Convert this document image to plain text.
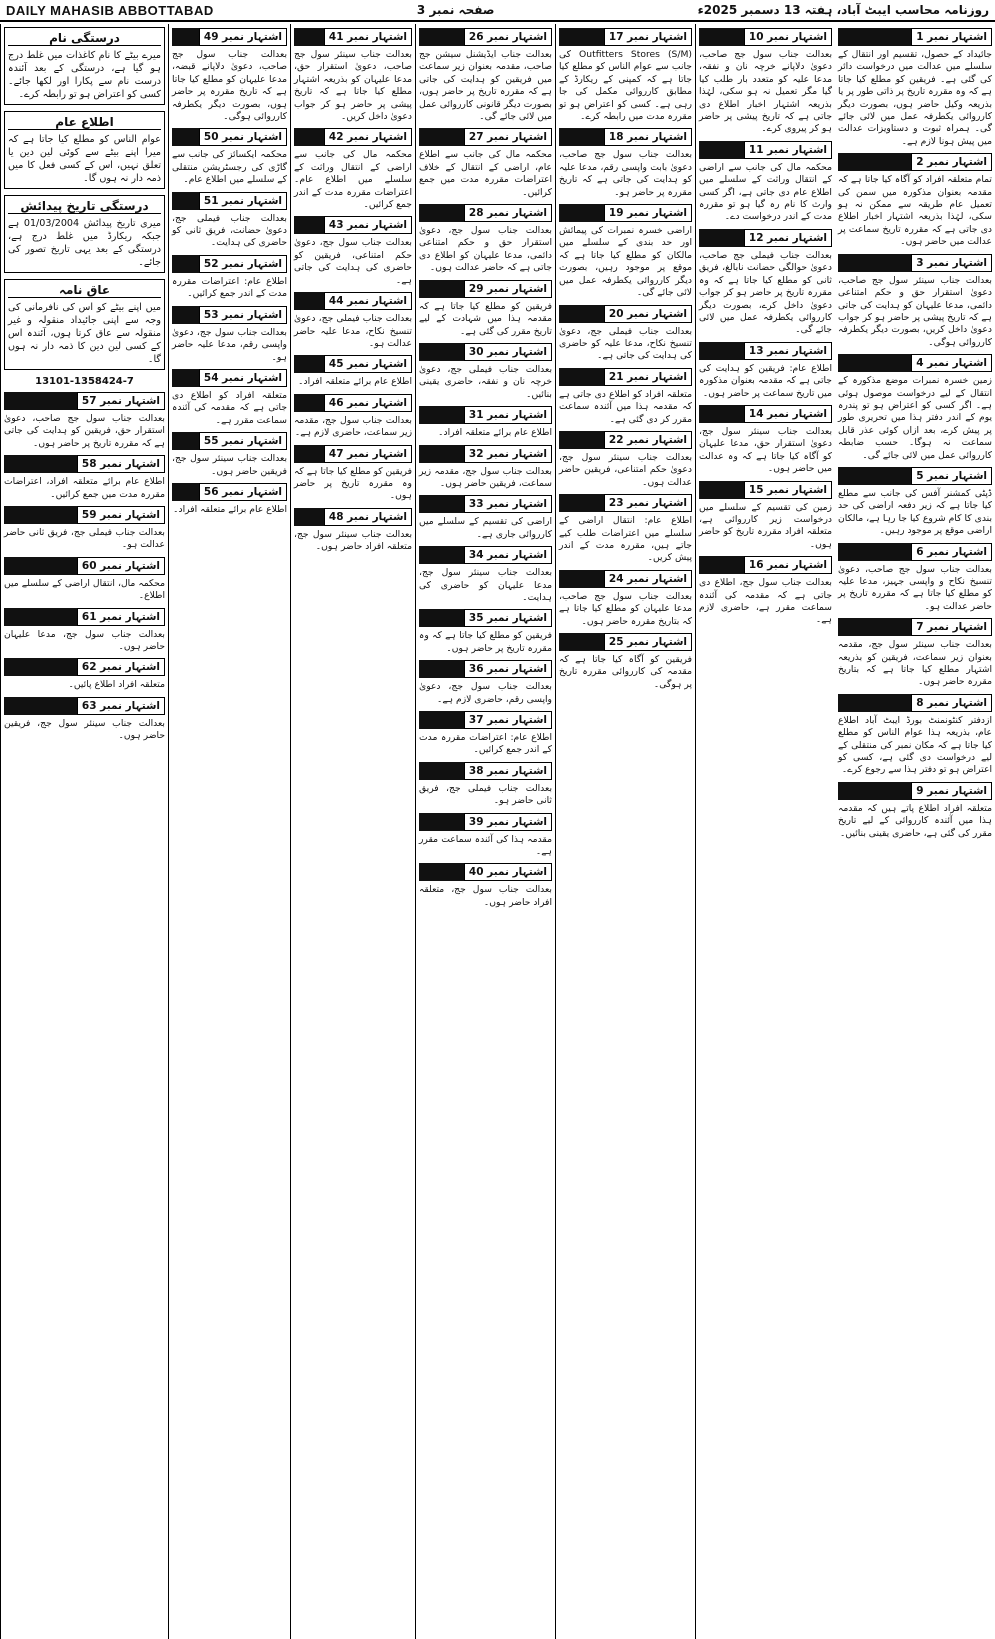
DAILY MAHASIB ABBOTTABAD	صفحہ نمبر 3	روزنامہ محاسب ایبٹ آباد، ہفتہ 13 دسمبر 2025ء
اشتہار نمبر 1

جائیداد کے حصول، تقسیم اور انتقال کے سلسلے میں عدالت میں درخواست دائر کی گئی ہے۔ فریقین کو مطلع کیا جاتا ہے کہ وہ مقررہ تاریخ پر ذاتی طور پر یا بذریعہ وکیل حاضر ہوں، بصورت دیگر کارروائی یکطرفہ عمل میں لائی جائے گی۔ ہمراہ ثبوت و دستاویزات عدالت میں پیش ہونا لازم ہے۔

اشتہار نمبر 2

تمام متعلقہ افراد کو آگاہ کیا جاتا ہے کہ مقدمہ بعنوان مذکورہ میں سمن کی تعمیل عام طریقہ سے ممکن نہ ہو سکی، لہٰذا بذریعہ اشتہار اخبار اطلاع دی جاتی ہے کہ مقررہ تاریخ سماعت پر عدالت میں حاضر ہوں۔

اشتہار نمبر 3

بعدالت جناب سینئر سول جج صاحب، دعویٰ استقرار حق و حکم امتناعی دائمی، مدعا علیہان کو ہدایت کی جاتی ہے کہ تاریخ پیشی پر حاضر ہو کر جواب دعویٰ داخل کریں، بصورت دیگر یکطرفہ کارروائی ہوگی۔

اشتہار نمبر 4

زمین خسرہ نمبرات موضع مذکورہ کے انتقال کے لیے درخواست موصول ہوئی ہے۔ اگر کسی کو اعتراض ہو تو پندرہ یوم کے اندر دفتر ہذا میں تحریری طور پر پیش کرے، بعد ازاں کوئی عذر قابل سماعت نہ ہوگا۔ حسب ضابطہ کارروائی عمل میں لائی جائے گی۔

اشتہار نمبر 5

ڈپٹی کمشنر آفس کی جانب سے مطلع کیا جاتا ہے کہ زیر دفعہ اراضی کی حد بندی کا کام شروع کیا جا رہا ہے، مالکان اراضی موقع پر موجود رہیں۔

اشتہار نمبر 6

بعدالت جناب سول جج صاحب، دعویٰ تنسیخ نکاح و واپسی جہیز، مدعا علیہ کو مطلع کیا جاتا ہے کہ مقررہ تاریخ پر حاضر عدالت ہو۔

اشتہار نمبر 7

بعدالت جناب سینئر سول جج، مقدمہ بعنوان زیر سماعت، فریقین کو بذریعہ اشتہار مطلع کیا جاتا ہے کہ بتاریخ مقررہ حاضر ہوں۔

اشتہار نمبر 8

ازدفتر کنٹونمنٹ بورڈ ایبٹ آباد اطلاع عام، بذریعہ ہذا عوام الناس کو مطلع کیا جاتا ہے کہ مکان نمبر کی منتقلی کے لیے درخواست دی گئی ہے، کسی کو اعتراض ہو تو دفتر ہذا سے رجوع کرے۔

اشتہار نمبر 9

متعلقہ افراد اطلاع پاتے ہیں کہ مقدمہ ہذا میں آئندہ کارروائی کے لیے تاریخ مقرر کی گئی ہے، حاضری یقینی بنائیں۔

اشتہار نمبر 10

بعدالت جناب سول جج صاحب، دعویٰ دلاپانے خرچہ نان و نفقہ، مدعا علیہ کو متعدد بار طلب کیا گیا مگر تعمیل نہ ہو سکی، لہٰذا بذریعہ اشتہار اخبار اطلاع دی جاتی ہے کہ تاریخ پیشی پر حاضر ہو کر پیروی کرے۔

اشتہار نمبر 11

محکمہ مال کی جانب سے اراضی کے انتقال وراثت کے سلسلے میں اطلاع عام دی جاتی ہے، اگر کسی وارث کا نام رہ گیا ہو تو مقررہ مدت کے اندر درخواست دے۔

اشتہار نمبر 12

بعدالت جناب فیملی جج صاحب، دعویٰ حوالگی حضانت نابالغ، فریق ثانی کو مطلع کیا جاتا ہے کہ وہ مقررہ تاریخ پر حاضر ہو کر جواب دعویٰ داخل کرے، بصورت دیگر کارروائی یکطرفہ عمل میں لائی جائے گی۔

اشتہار نمبر 13

اطلاع عام: فریقین کو ہدایت کی جاتی ہے کہ مقدمہ بعنوان مذکورہ میں تاریخ سماعت پر حاضر ہوں۔

اشتہار نمبر 14

بعدالت جناب سینئر سول جج، دعویٰ استقرار حق، مدعا علیہان کو آگاہ کیا جاتا ہے کہ وہ عدالت میں حاضر ہوں۔

اشتہار نمبر 15

زمین کی تقسیم کے سلسلے میں درخواست زیر کارروائی ہے، متعلقہ افراد مقررہ تاریخ کو حاضر ہوں۔

اشتہار نمبر 16

بعدالت جناب سول جج، اطلاع دی جاتی ہے کہ مقدمہ کی آئندہ سماعت مقرر ہے، حاضری لازم ہے۔

اشتہار نمبر 17

Outfitters Stores (S/M) کی جانب سے عوام الناس کو مطلع کیا جاتا ہے کہ کمپنی کے ریکارڈ کے مطابق کارروائی مکمل کی جا رہی ہے۔ کسی کو اعتراض ہو تو مقررہ مدت میں رابطہ کرے۔

اشتہار نمبر 18

بعدالت جناب سول جج صاحب، دعویٰ بابت واپسی رقم، مدعا علیہ کو ہدایت کی جاتی ہے کہ تاریخ مقررہ پر حاضر ہو۔

اشتہار نمبر 19

اراضی خسرہ نمبرات کی پیمائش اور حد بندی کے سلسلے میں مالکان کو مطلع کیا جاتا ہے کہ موقع پر موجود رہیں، بصورت دیگر کارروائی یکطرفہ عمل میں لائی جائے گی۔

اشتہار نمبر 20

بعدالت جناب فیملی جج، دعویٰ تنسیخ نکاح، مدعا علیہ کو حاضری کی ہدایت کی جاتی ہے۔

اشتہار نمبر 21

متعلقہ افراد کو اطلاع دی جاتی ہے کہ مقدمہ ہذا میں آئندہ سماعت مقرر کر دی گئی ہے۔

اشتہار نمبر 22

بعدالت جناب سینئر سول جج، دعویٰ حکم امتناعی، فریقین حاضر عدالت ہوں۔

اشتہار نمبر 23

اطلاع عام: انتقال اراضی کے سلسلے میں اعتراضات طلب کیے جاتے ہیں، مقررہ مدت کے اندر پیش کریں۔

اشتہار نمبر 24

بعدالت جناب سول جج صاحب، مدعا علیہان کو مطلع کیا جاتا ہے کہ بتاریخ مقررہ حاضر ہوں۔

اشتہار نمبر 25

فریقین کو آگاہ کیا جاتا ہے کہ مقدمہ کی کارروائی مقررہ تاریخ پر ہوگی۔

اشتہار نمبر 26

بعدالت جناب ایڈیشنل سیشن جج صاحب، مقدمہ بعنوان زیر سماعت میں فریقین کو ہدایت کی جاتی ہے کہ مقررہ تاریخ پر حاضر ہوں، بصورت دیگر قانونی کارروائی عمل میں لائی جائے گی۔

اشتہار نمبر 27

محکمہ مال کی جانب سے اطلاع عام، اراضی کے انتقال کے خلاف اعتراضات مقررہ مدت میں جمع کرائیں۔

اشتہار نمبر 28

بعدالت جناب سول جج، دعویٰ استقرار حق و حکم امتناعی دائمی، مدعا علیہان کو اطلاع دی جاتی ہے کہ حاضر عدالت ہوں۔

اشتہار نمبر 29

فریقین کو مطلع کیا جاتا ہے کہ مقدمہ ہذا میں شہادت کے لیے تاریخ مقرر کی گئی ہے۔

اشتہار نمبر 30

بعدالت جناب فیملی جج، دعویٰ خرچہ نان و نفقہ، حاضری یقینی بنائیں۔

اشتہار نمبر 31

اطلاع عام برائے متعلقہ افراد۔

اشتہار نمبر 32

بعدالت جناب سول جج، مقدمہ زیر سماعت، فریقین حاضر ہوں۔

اشتہار نمبر 33

اراضی کی تقسیم کے سلسلے میں کارروائی جاری ہے۔

اشتہار نمبر 34

بعدالت جناب سینئر سول جج، مدعا علیہان کو حاضری کی ہدایت۔

اشتہار نمبر 35

فریقین کو مطلع کیا جاتا ہے کہ وہ مقررہ تاریخ پر حاضر ہوں۔

اشتہار نمبر 36

بعدالت جناب سول جج، دعویٰ واپسی رقم، حاضری لازم ہے۔

اشتہار نمبر 37

اطلاع عام: اعتراضات مقررہ مدت کے اندر جمع کرائیں۔

اشتہار نمبر 38

بعدالت جناب فیملی جج، فریق ثانی حاضر ہو۔

اشتہار نمبر 39

مقدمہ ہذا کی آئندہ سماعت مقرر ہے۔

اشتہار نمبر 40

بعدالت جناب سول جج، متعلقہ افراد حاضر ہوں۔

اشتہار نمبر 41

بعدالت جناب سینئر سول جج صاحب، دعویٰ استقرار حق، مدعا علیہان کو بذریعہ اشتہار مطلع کیا جاتا ہے کہ تاریخ پیشی پر حاضر ہو کر جواب دعویٰ داخل کریں۔

اشتہار نمبر 42

محکمہ مال کی جانب سے اراضی کے انتقال وراثت کے سلسلے میں اطلاع عام۔ اعتراضات مقررہ مدت کے اندر جمع کرائیں۔

اشتہار نمبر 43

بعدالت جناب سول جج، دعویٰ حکم امتناعی، فریقین کو حاضری کی ہدایت کی جاتی ہے۔

اشتہار نمبر 44

بعدالت جناب فیملی جج، دعویٰ تنسیخ نکاح، مدعا علیہ حاضر عدالت ہو۔

اشتہار نمبر 45

اطلاع عام برائے متعلقہ افراد۔

اشتہار نمبر 46

بعدالت جناب سول جج، مقدمہ زیر سماعت، حاضری لازم ہے۔

اشتہار نمبر 47

فریقین کو مطلع کیا جاتا ہے کہ وہ مقررہ تاریخ پر حاضر ہوں۔

اشتہار نمبر 48

بعدالت جناب سینئر سول جج، متعلقہ افراد حاضر ہوں۔

اشتہار نمبر 49

بعدالت جناب سول جج صاحب، دعویٰ دلاپانے قبضہ، مدعا علیہان کو مطلع کیا جاتا ہے کہ تاریخ مقررہ پر حاضر ہوں، بصورت دیگر یکطرفہ کارروائی ہوگی۔

اشتہار نمبر 50

محکمہ ایکسائز کی جانب سے گاڑی کی رجسٹریشن منتقلی کے سلسلے میں اطلاع عام۔

اشتہار نمبر 51

بعدالت جناب فیملی جج، دعویٰ حضانت، فریق ثانی کو حاضری کی ہدایت۔

اشتہار نمبر 52

اطلاع عام: اعتراضات مقررہ مدت کے اندر جمع کرائیں۔

اشتہار نمبر 53

بعدالت جناب سول جج، دعویٰ واپسی رقم، مدعا علیہ حاضر ہو۔

اشتہار نمبر 54

متعلقہ افراد کو اطلاع دی جاتی ہے کہ مقدمہ کی آئندہ سماعت مقرر ہے۔

اشتہار نمبر 55

بعدالت جناب سینئر سول جج، فریقین حاضر ہوں۔

اشتہار نمبر 56

اطلاع عام برائے متعلقہ افراد۔

درستگی نام
میرے بیٹے کا نام کاغذات میں غلط درج ہو گیا ہے، درستگی کے بعد آئندہ درست نام سے پکارا اور لکھا جائے۔ کسی کو اعتراض ہو تو رابطہ کرے۔
اطلاع عام
عوام الناس کو مطلع کیا جاتا ہے کہ میرا اپنے بیٹے سے کوئی لین دین یا تعلق نہیں، اس کے کسی فعل کا میں ذمہ دار نہ ہوں گا۔
درستگی تاریخ پیدائش
میری تاریخ پیدائش 01/03/2004 ہے جبکہ ریکارڈ میں غلط درج ہے، درستگی کے بعد یہی تاریخ تصور کی جائے۔
عاق نامہ
میں اپنے بیٹے کو اس کی نافرمانی کی وجہ سے اپنی جائیداد منقولہ و غیر منقولہ سے عاق کرتا ہوں، آئندہ اس کے کسی لین دین کا ذمہ دار نہ ہوں گا۔
13101-1358424-7
اشتہار نمبر 57

بعدالت جناب سول جج صاحب، دعویٰ استقرار حق، فریقین کو ہدایت کی جاتی ہے کہ مقررہ تاریخ پر حاضر ہوں۔

اشتہار نمبر 58

اطلاع عام برائے متعلقہ افراد، اعتراضات مقررہ مدت میں جمع کرائیں۔

اشتہار نمبر 59

بعدالت جناب فیملی جج، فریق ثانی حاضر عدالت ہو۔

اشتہار نمبر 60

محکمہ مال، انتقال اراضی کے سلسلے میں اطلاع۔

اشتہار نمبر 61

بعدالت جناب سول جج، مدعا علیہان حاضر ہوں۔

اشتہار نمبر 62

متعلقہ افراد اطلاع پائیں۔

اشتہار نمبر 63

بعدالت جناب سینئر سول جج، فریقین حاضر ہوں۔
